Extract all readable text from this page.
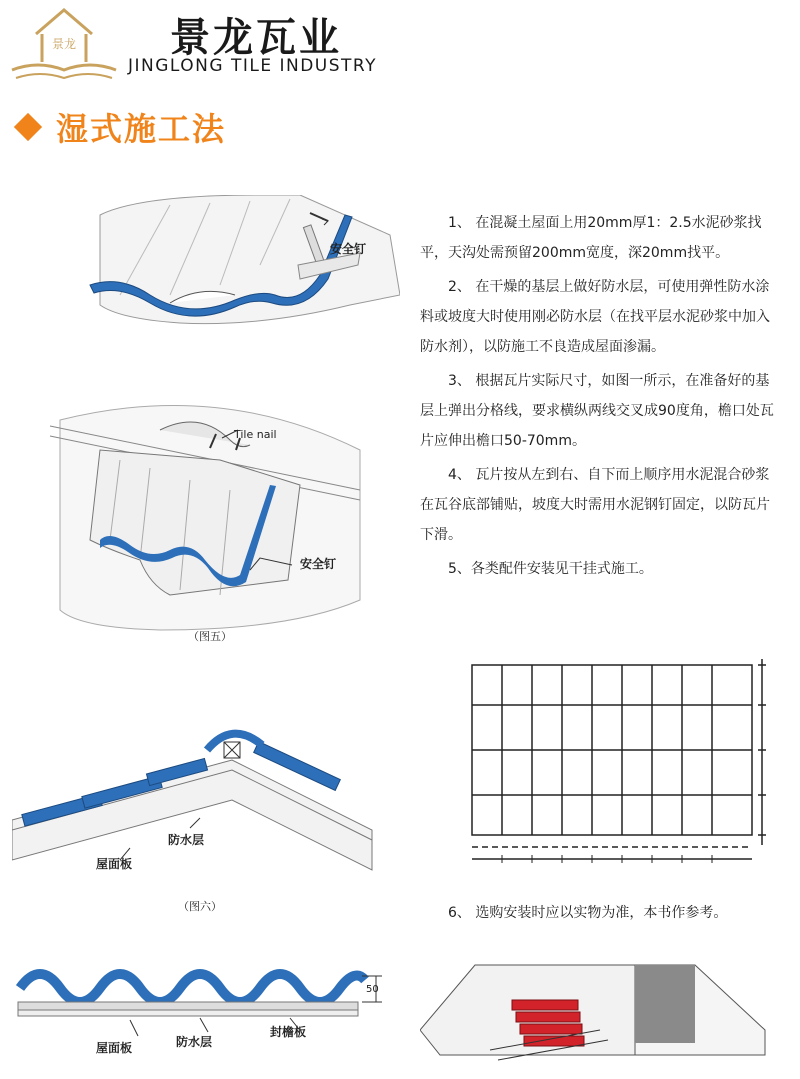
景龙 景龙瓦业
JINGLONG TILE INDUSTRY
湿式施工法
安全钉
Tile nail
安全钉
（图五）
防水层
屋面板
（图六）
50
屋面板	防水层
封檐板

1、 在混凝土屋面上用20mm厚1：2.5水泥砂浆找平，天沟处需预留200mm宽度，深20mm找平。

2、 在干燥的基层上做好防水层，可使用弹性防水涂料或坡度大时使用刚必防水层（在找平层水泥砂浆中加入防水剂），以防施工不良造成屋面渗漏。

3、 根据瓦片实际尺寸，如图一所示，在准备好的基层上弹出分格线，要求横纵两线交叉成90度角，檐口处瓦片应伸出檐口50-70mm。

4、 瓦片按从左到右、自下而上顺序用水泥混合砂浆在瓦谷底部铺贴，坡度大时需用水泥钢钉固定，以防瓦片下滑。

5、各类配件安装见干挂式施工。

6、 选购安装时应以实物为准，本书作参考。
